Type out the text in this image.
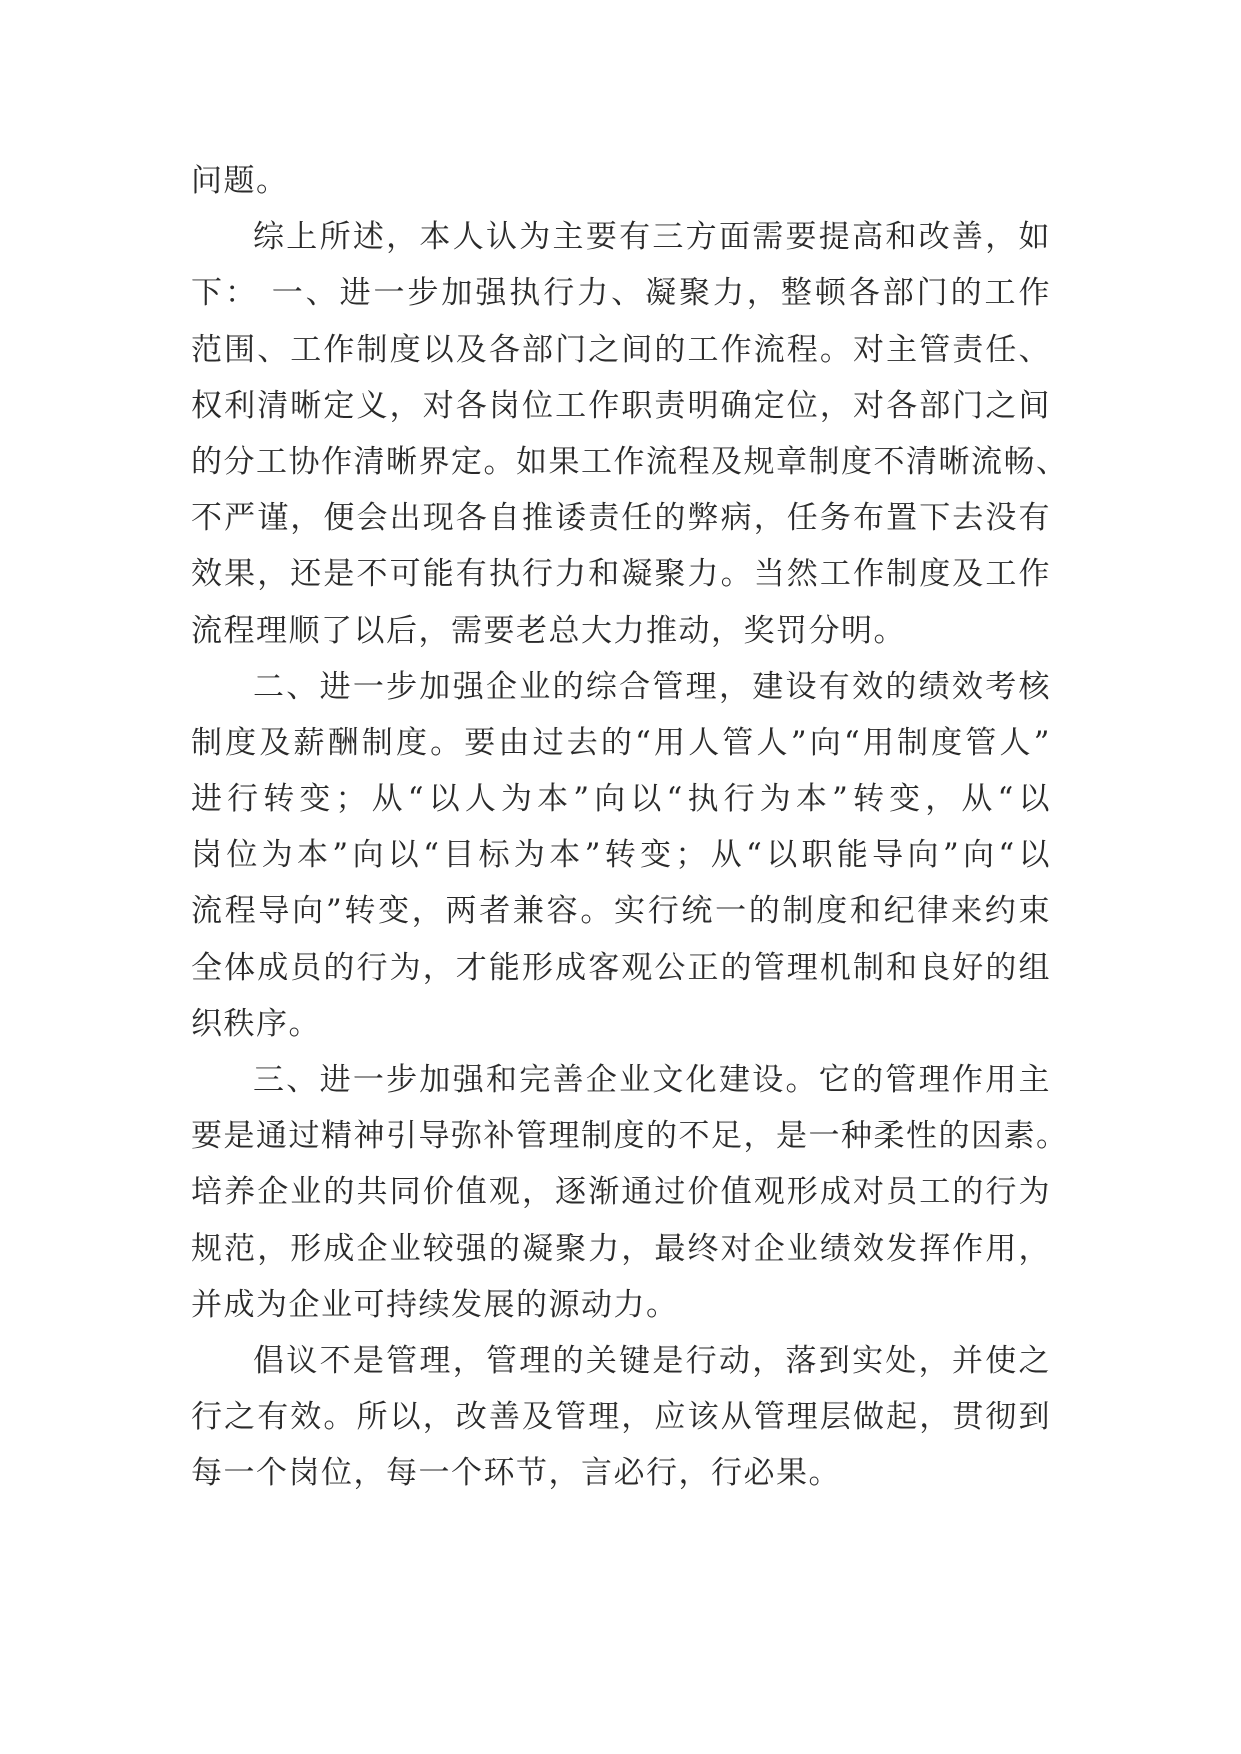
问题。
综上所述，本人认为主要有三方面需要提高和改善，如
下： 一、进一步加强执行力、凝聚力，整顿各部门的工作
范围、工作制度以及各部门之间的工作流程。对主管责任、
权利清晰定义，对各岗位工作职责明确定位，对各部门之间
的分工协作清晰界定。如果工作流程及规章制度不清晰流畅、
不严谨，便会出现各自推诿责任的弊病，任务布置下去没有
效果，还是不可能有执行力和凝聚力。当然工作制度及工作
流程理顺了以后，需要老总大力推动，奖罚分明。
二、进一步加强企业的综合管理，建设有效的绩效考核
制度及薪酬制度。要由过去的“用人管人”向“用制度管人”
进行转变；从“以人为本”向以“执行为本”转变，从“以
岗位为本”向以“目标为本”转变；从“以职能导向”向“以
流程导向”转变，两者兼容。实行统一的制度和纪律来约束
全体成员的行为，才能形成客观公正的管理机制和良好的组
织秩序。
三、进一步加强和完善企业文化建设。它的管理作用主
要是通过精神引导弥补管理制度的不足，是一种柔性的因素。
培养企业的共同价值观，逐渐通过价值观形成对员工的行为
规范，形成企业较强的凝聚力，最终对企业绩效发挥作用，
并成为企业可持续发展的源动力。
倡议不是管理，管理的关键是行动，落到实处，并使之
行之有效。所以，改善及管理，应该从管理层做起，贯彻到
每一个岗位，每一个环节，言必行，行必果。
